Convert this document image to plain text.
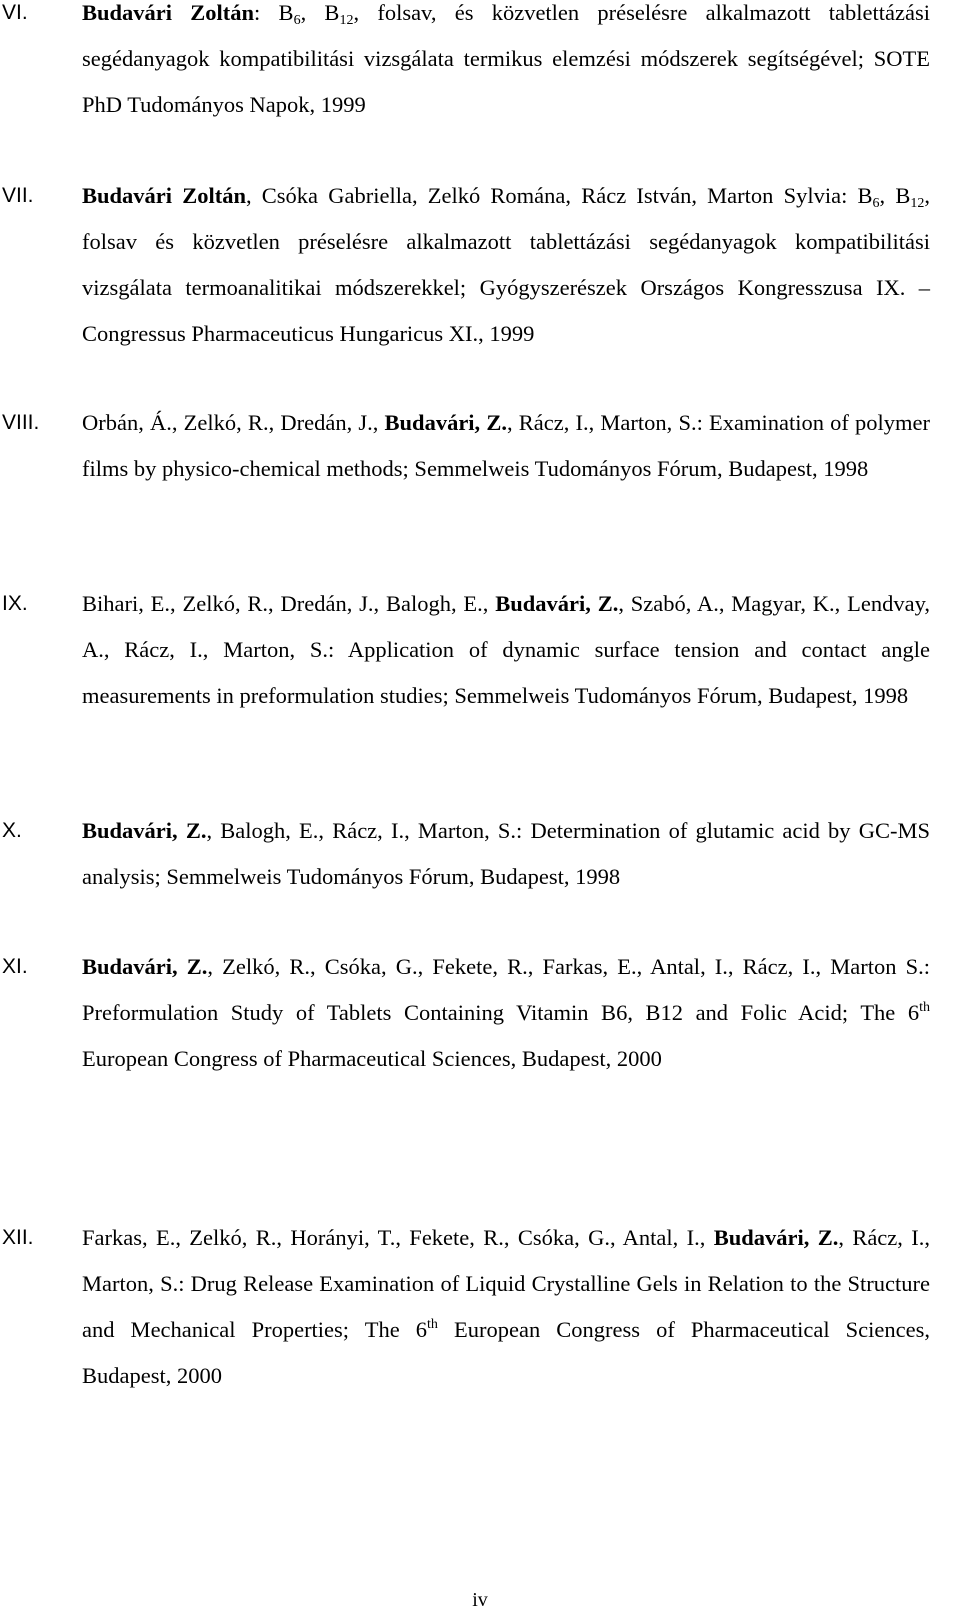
VI. Budavári Zoltán: $B_6$, $B_{12}$, folsav, és közvetlen préselésre alkalmazott tablettázási segédanyagok kompatibilitási vizsgálata termikus elemzési módszerek segítségével; SOTE PhD Tudományos Napok, 1999
VII. Budavári Zoltán, Csóka Gabriella, Zelkó Romána, Rácz István, Marton Sylvia: $B_6$, $B_{12}$, folsav és közvetlen préselésre alkalmazott tablettázási segédanyagok kompatibilitási vizsgálata termoanalitikai módszerekkel; Gyógyszerészek Országos Kongresszusa IX. – Congressus Pharmaceuticus Hungaricus XI., 1999
VIII. Orbán, Á., Zelkó, R., Dredán, J., Budavári, Z., Rácz, I., Marton, S.: Examination of polymer films by physico-chemical methods; Semmelweis Tudományos Fórum, Budapest, 1998
IX. Bihari, E., Zelkó, R., Dredán, J., Balogh, E., Budavári, Z., Szabó, A., Magyar, K., Lendvay, A., Rácz, I., Marton, S.: Application of dynamic surface tension and contact angle measurements in preformulation studies; Semmelweis Tudományos Fórum, Budapest, 1998
X.	Budavári, Z., Balogh, E., Rácz, I., Marton, S.: Determination of glutamic acid by GC-MS analysis; Semmelweis Tudományos Fórum, Budapest, 1998
XI. Budavári, Z., Zelkó, R., Csóka, G., Fekete, R., Farkas, E., Antal, I., Rácz, I., Marton S.: Preformulation Study of Tablets Containing Vitamin B6, B12 and Folic Acid; The 6th European Congress of Pharmaceutical Sciences, Budapest, 2000
XII. Farkas, E., Zelkó, R., Horányi, T., Fekete, R., Csóka, G., Antal, I., Budavári, Z., Rácz, I., Marton, S.: Drug Release Examination of Liquid Crystalline Gels in Relation to the Structure and Mechanical Properties; The 6th European Congress of Pharmaceutical Sciences, Budapest, 2000
iv
